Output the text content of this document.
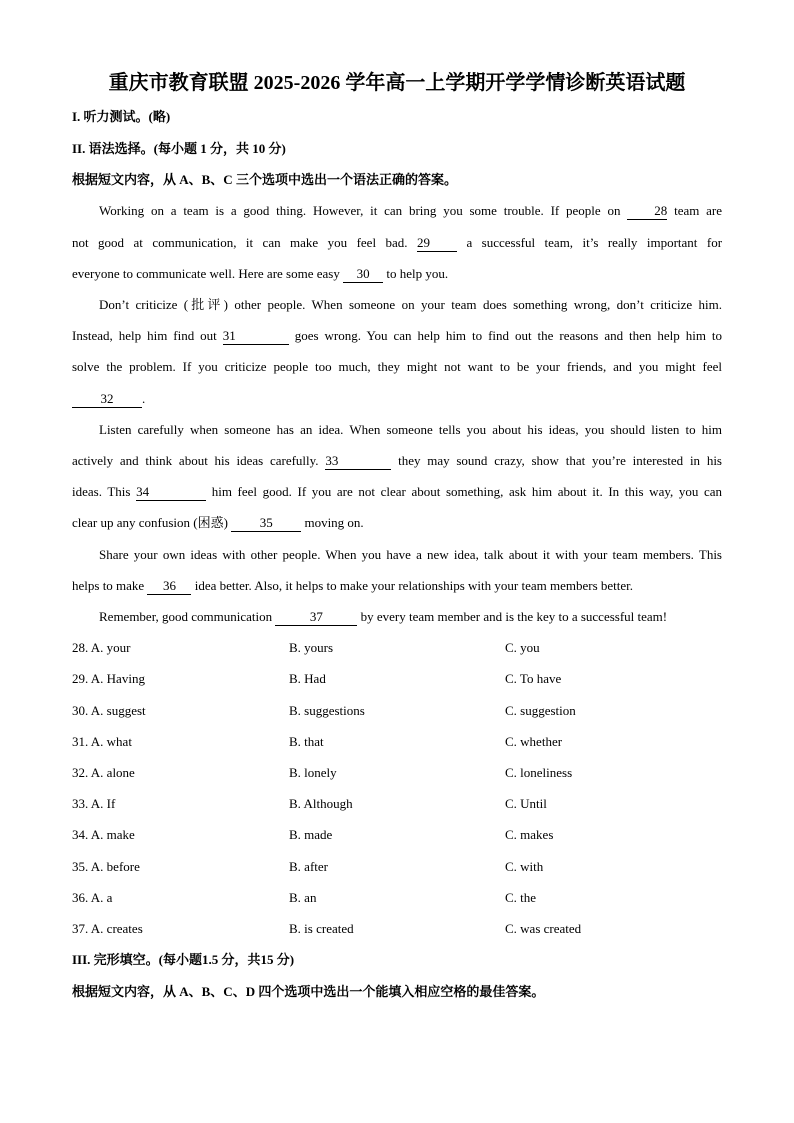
重庆市教育联盟 2025-2026 学年高一上学期开学学情诊断英语试题
I. 听力测试。(略)
II. 语法选择。(每小题 1 分，共 10 分)
根据短文内容，从 A、B、C 三个选项中选出一个语法正确的答案。
Working on a team is a good thing. However, it can bring you some trouble. If people on	28 team are
not good at communication, it can make you feel bad. 29	a successful team, it’s really important for
everyone to communicate well. Here are some easy 30 to help you.
Don’t criticize (批评) other people. When someone on your team does something wrong, don’t criticize him.
Instead, help him find out 31	goes wrong. You can help him to find out the reasons and then help him to
solve the problem. If you criticize people too much, they might not want to be your friends, and you might feel
32 .
Listen carefully when someone has an idea. When someone tells you about his ideas, you should listen to him
actively and think about his ideas carefully. 33	they may sound crazy, show that you’re interested in his
ideas. This 34	him feel good. If you are not clear about something, ask him about it. In this way, you can
clear up any confusion (困惑) 35 moving on.
Share your own ideas with other people. When you have a new idea, talk about it with your team members. This
helps to make 36 idea better. Also, it helps to make your relationships with your team members better.
Remember, good communication	37	by every team member and is the key to a successful team!
28. A. your	B. yours	C. you
29. A. Having	B. Had	C. To have
30. A. suggest	B. suggestions	C. suggestion
31. A. what	B. that	C. whether
32. A. alone	B. lonely	C. loneliness
33. A. If	B. Although	C. Until
34. A. make	B. made	C. makes
35. A. before	B. after	C. with
36. A. a	B. an	C. the
37. A. creates	B. is created	C. was created
III. 完形填空。(每小题1.5 分，共15 分)
根据短文内容，从 A、B、C、D 四个选项中选出一个能填入相应空格的最佳答案。
